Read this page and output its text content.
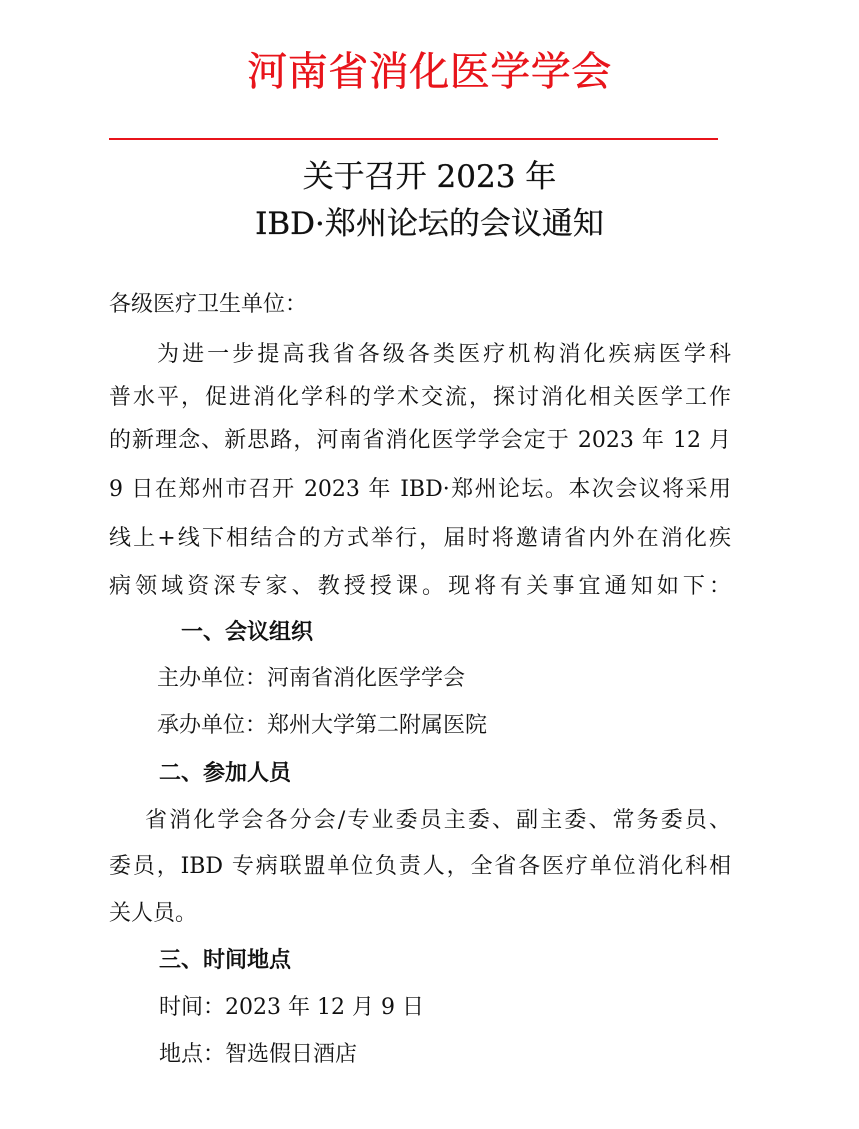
河南省消化医学学会
关于召开 2023 年
IBD·郑州论坛的会议通知
各级医疗卫生单位：
为进一步提高我省各级各类医疗机构消化疾病医学科
普水平，促进消化学科的学术交流，探讨消化相关医学工作
的新理念、新思路，河南省消化医学学会定于 2023 年 12 月
9 日在郑州市召开 2023 年 IBD·郑州论坛。本次会议将采用
线上+线下相结合的方式举行，届时将邀请省内外在消化疾
病领域资深专家、教授授课。现将有关事宜通知如下：
一、会议组织
主办单位：河南省消化医学学会
承办单位：郑州大学第二附属医院
二、参加人员
省消化学会各分会/专业委员主委、副主委、常务委员、
委员，IBD 专病联盟单位负责人，全省各医疗单位消化科相
关人员。
三、时间地点
时间：2023 年 12 月 9 日
地点：智选假日酒店
